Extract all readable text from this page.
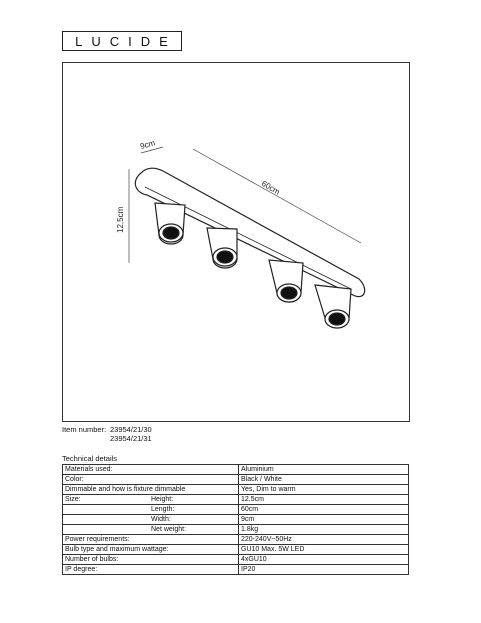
LUCIDE
9cm
60cm
12,5cm
Item number: 23954/21/30
23954/21/31
Technical details
Materials used:	Aluminium
Color:	Black / White
Dimmable and how is fixture dimmable	Yes, Dim to warm
Size: Height:	12.5cm
Length:	60cm
Width:	9cm
Net weight:	1.8kg
Power requirements:	220-240V~50Hz
Bulb type and maximum wattage:	GU10 Max. 5W LED
Number of bulbs:	4xGU10
IP degree:	IP20
